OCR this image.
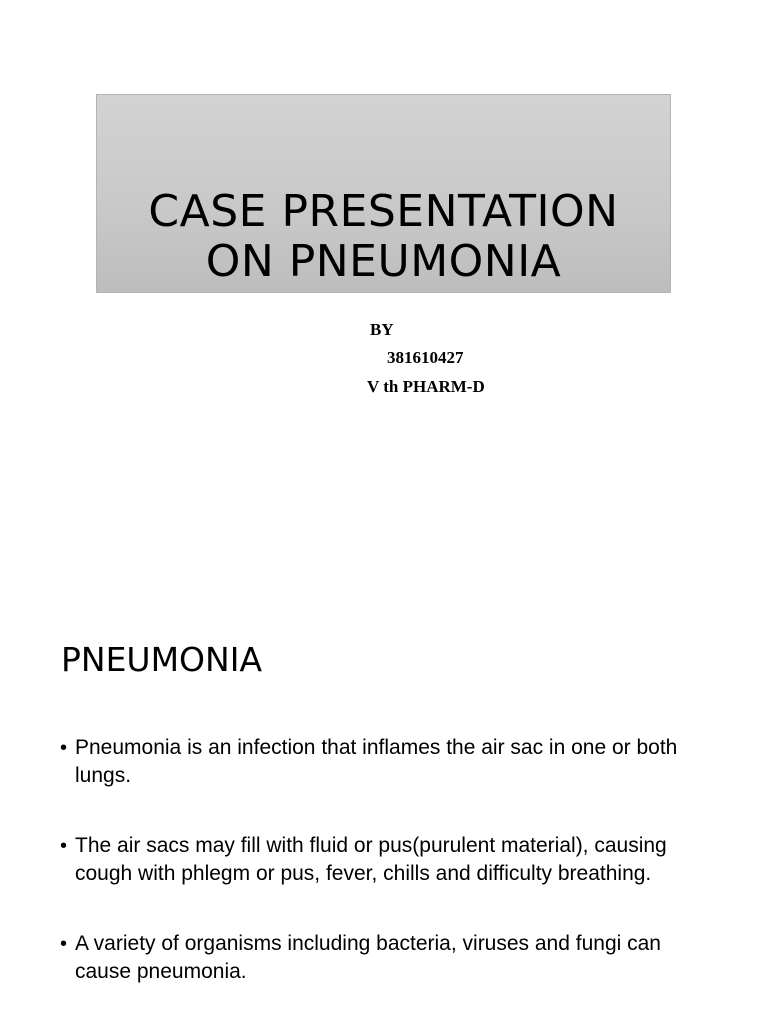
CASE PRESENTATION
ON PNEUMONIA
BY
381610427
V th PHARM-D
PNEUMONIA
• Pneumonia is an infection that inflames the air sac in one or both lungs.
• The air sacs may fill with fluid or pus(purulent material), causing cough with phlegm or pus, fever, chills and difficulty breathing.
• A variety of organisms including bacteria, viruses and fungi can cause pneumonia.
